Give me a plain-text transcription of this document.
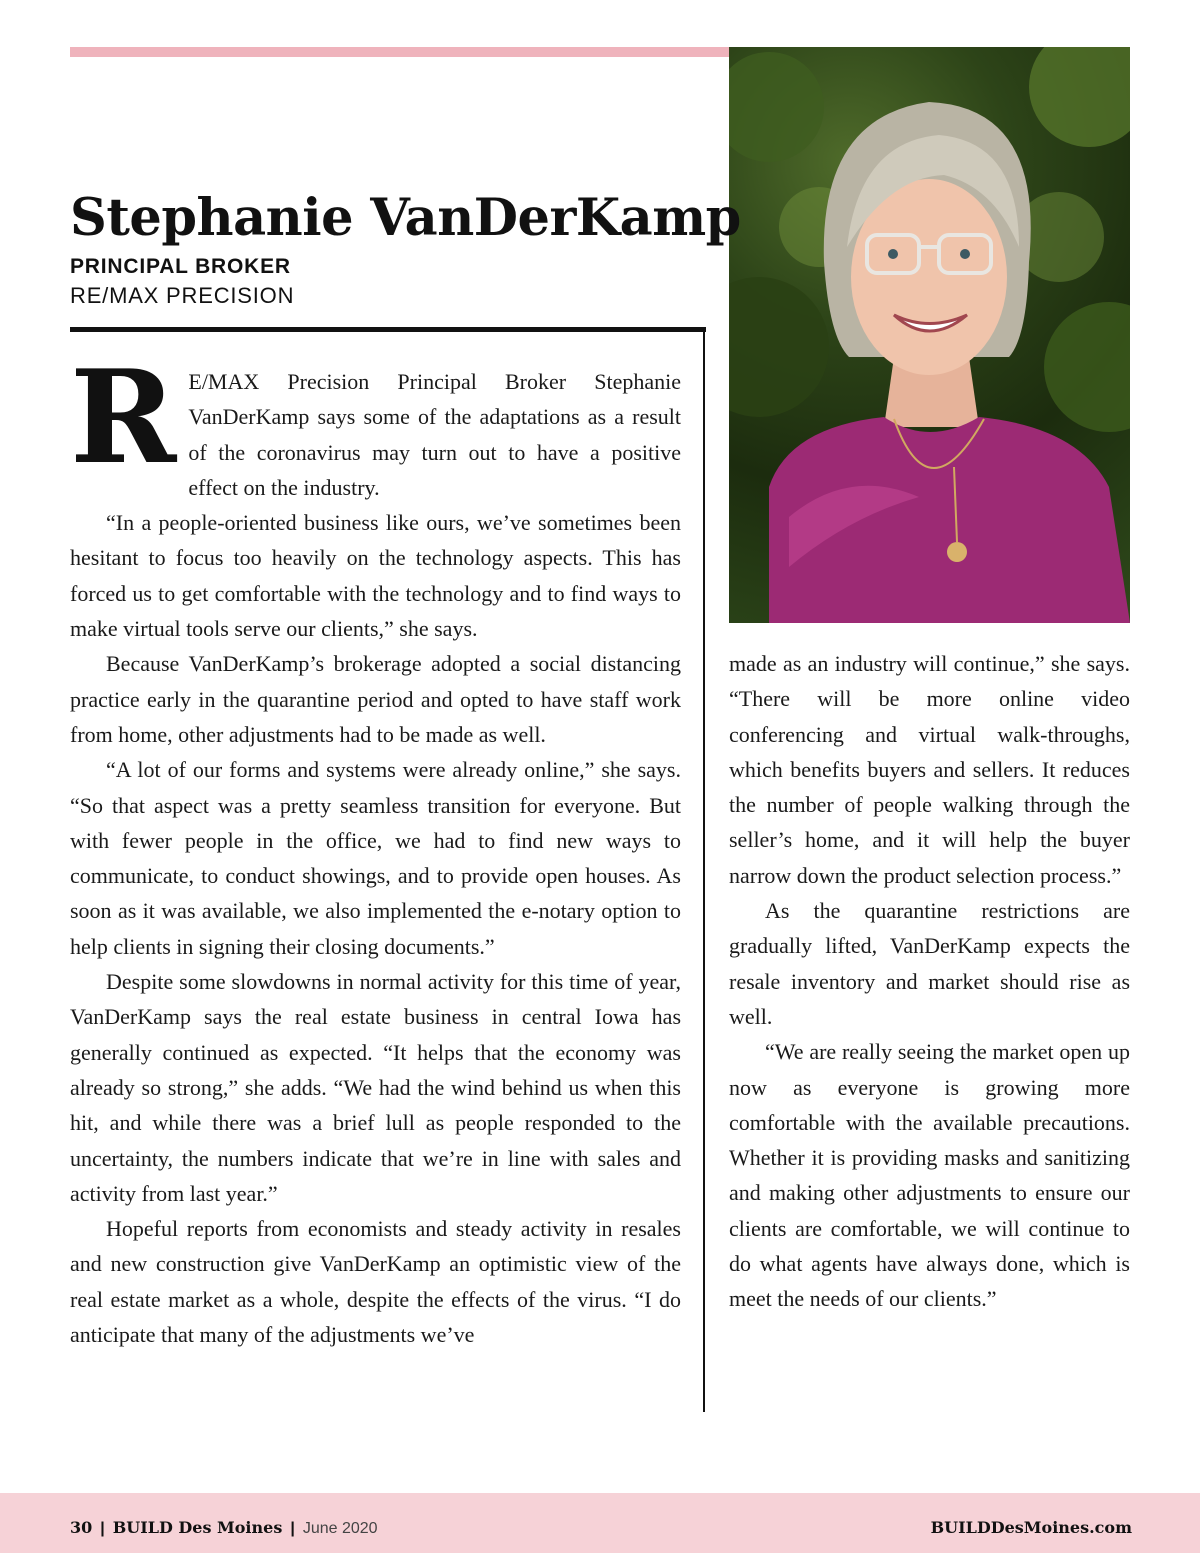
Stephanie VanDerKamp
PRINCIPAL BROKER
RE/MAX PRECISION

R E/MAX Precision Principal Broker Stephanie VanDerKamp says some of the adaptations as a result of the coronavirus may turn out to have a positive effect on the industry.

“In a people-oriented business like ours, we’ve sometimes been hesitant to focus too heavily on the technology aspects. This has forced us to get comfortable with the technology and to find ways to make virtual tools serve our clients,” she says.

Because VanDerKamp’s brokerage adopted a social distancing practice early in the quarantine period and opted to have staff work from home, other adjustments had to be made as well.

“A lot of our forms and systems were already online,” she says. “So that aspect was a pretty seamless transition for everyone. But with fewer people in the office, we had to find new ways to communicate, to conduct showings, and to provide open houses. As soon as it was available, we also implemented the e-notary option to help clients in signing their closing documents.”

Despite some slowdowns in normal activity for this time of year, VanDerKamp says the real estate business in central Iowa has generally continued as expected. “It helps that the economy was already so strong,” she adds. “We had the wind behind us when this hit, and while there was a brief lull as people responded to the uncertainty, the numbers indicate that we’re in line with sales and activity from last year.”

Hopeful reports from economists and steady activity in resales and new construction give VanDerKamp an optimistic view of the real estate market as a whole, despite the effects of the virus. “I do anticipate that many of the adjustments we’ve

made as an industry will continue,” she says. “There will be more online video conferencing and virtual walk-throughs, which benefits buyers and sellers. It reduces the number of people walking through the seller’s home, and it will help the buyer narrow down the product selection process.”

As the quarantine restrictions are gradually lifted, VanDerKamp expects the resale inventory and market should rise as well.

“We are really seeing the market open up now as everyone is growing more comfortable with the available precautions. Whether it is providing masks and sanitizing and making other adjustments to ensure our clients are comfortable, we will continue to do what agents have always done, which is meet the needs of our clients.”

30 | BUILD Des Moines | June 2020	BUILDDesMoines.com
